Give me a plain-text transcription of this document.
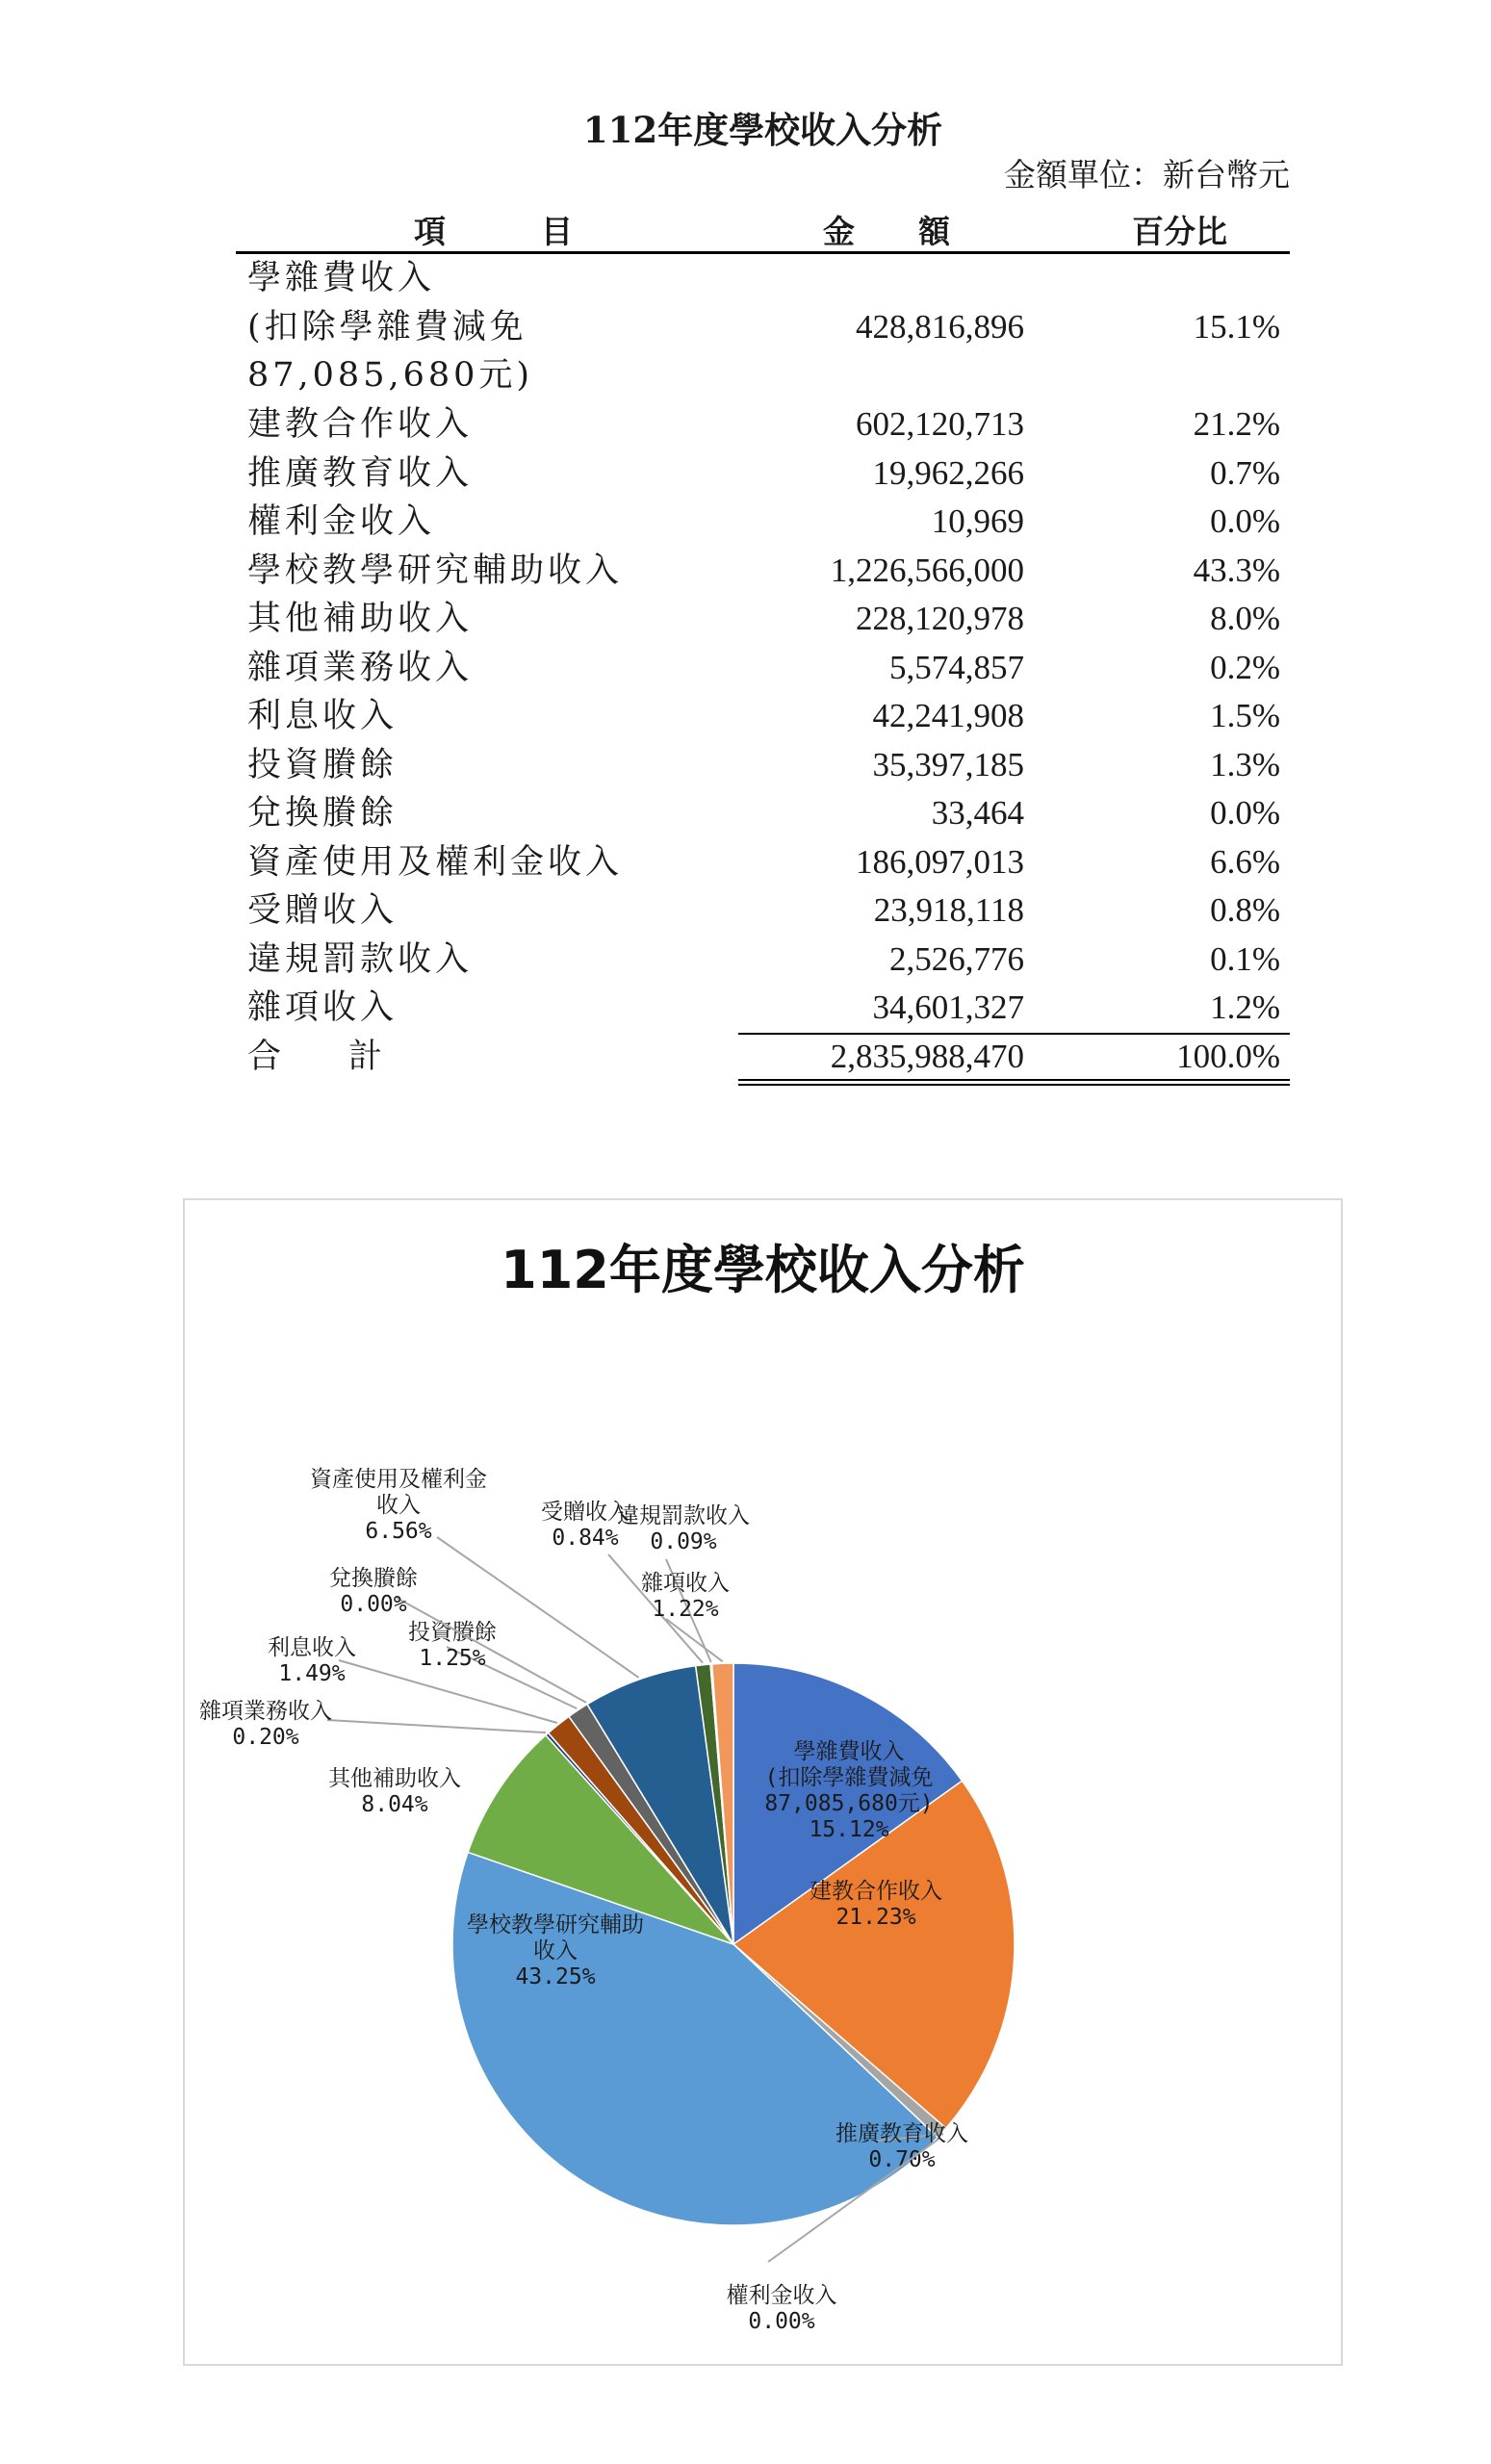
112年度學校收入分析
金額單位：新台幣元
項　　　目	金　　額	百分比
學雜費收入
(扣除學雜費減免
87,085,680元)
428,816,896	15.1%
建教合作收入	602,120,713	21.2%
推廣教育收入	19,962,266	0.7%
權利金收入	10,969	0.0%
學校教學研究輔助收入	1,226,566,000	43.3%
其他補助收入	228,120,978	8.0%
雜項業務收入	5,574,857	0.2%
利息收入	42,241,908	1.5%
投資賸餘	35,397,185	1.3%
兌換賸餘	33,464	0.0%
資產使用及權利金收入	186,097,013	6.6%
受贈收入	23,918,118	0.8%
違規罰款收入	2,526,776	0.1%
雜項收入	34,601,327	1.2%
合　　計	2,835,988,470	100.0%
112年度學校收入分析
學雜費收入
(扣除學雜費減免
87,085,680元)
15.12%
建教合作收入
21.23%
推廣教育收入
0.70%
權利金收入
0.00%
學校教學研究輔助
收入
43.25%
其他補助收入
8.04%
雜項業務收入
0.20%
利息收入
1.49%
投資賸餘
1.25%
兌換賸餘
0.00%
資產使用及權利金
收入
6.56%
受贈收入
0.84%
違規罰款收入
0.09%
雜項收入
1.22%
